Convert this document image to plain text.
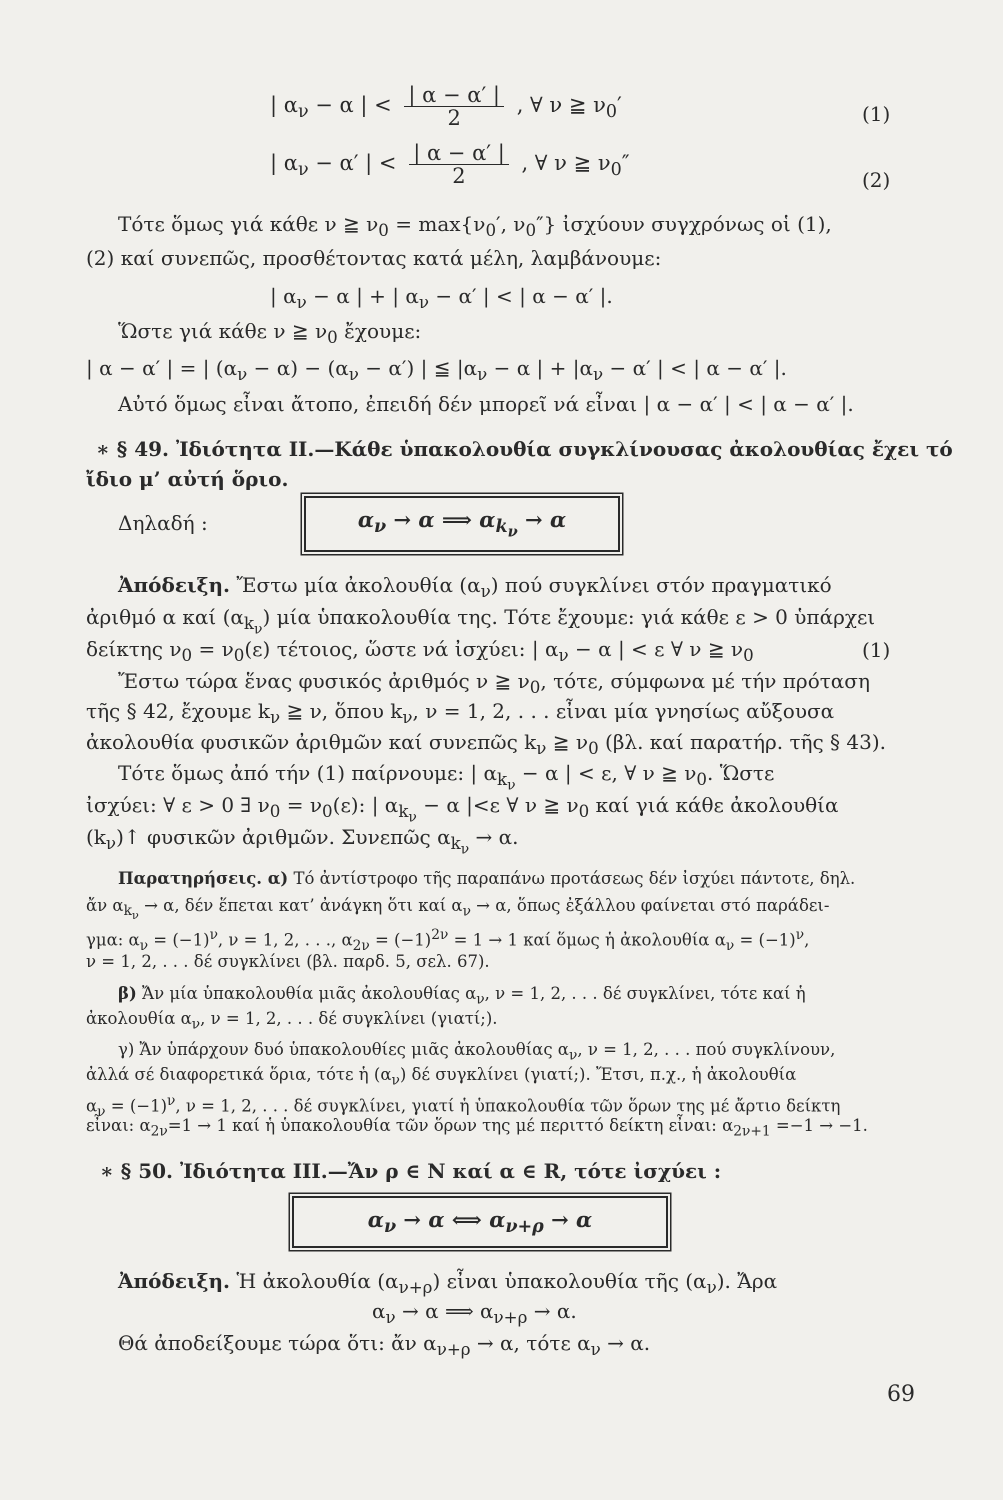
| $\alpha_\nu - \alpha$ | < $\frac{| \alpha - \alpha' |}{2}$ , ∀ ν ≧ $\nu_0'$	(1)
| $\alpha_\nu - \alpha'$ | < $\frac{| \alpha - \alpha' |}{2}$ , ∀ ν ≧ $\nu_0''$
(2)
Τότε ὅμως γιά κάθε ν ≧ $\nu_0 = \max\{\nu_0'$, $\nu_0''$} ἰσχύουν συγχρόνως οἱ (1),
(2) καί συνεπῶς, προσθέτοντας κατά μέλη, λαμβάνουμε:
| $\alpha_\nu - \alpha$ | + | $\alpha_\nu - \alpha'$ | < | α − α′ |.
Ὥστε γιά κάθε ν ≧ $\nu_0$ ἔχουμε:
| α − α′ | = | $(\alpha_\nu - \alpha) - (\alpha_\nu - \alpha')$ | ≦ $|\alpha_\nu - \alpha$ | + $|\alpha_\nu - \alpha'$ | < | α − α′ |.
Αὐτό ὅμως εἶναι ἄτοπο, ἐπειδή δέν μπορεῖ νά εἶναι | α − α′ | < | α − α′ |.
∗ § 49. Ἰδιότητα ΙΙ.—Κάθε ὑπακολουθία συγκλίνουσας ἀκολουθίας ἔχει τό
ἴδιο μ’ αὐτή ὅριο.
Δηλαδή :	$\alpha_\nu \to \alpha$ ⟹ $\alpha_{k_\nu} \to \alpha$
Ἀπόδειξη. Ἔστω μία ἀκολουθία $(\alpha_\nu)$ πού συγκλίνει στόν πραγματικό
ἀριθμό α καί $(\alpha_{k_\nu})$ μία ὑπακολουθία της. Τότε ἔχουμε: γιά κάθε ε > 0 ὑπάρχει
δείκτης $\nu_0 = \nu_0(\varepsilon)$ τέτοιος, ὥστε νά ἰσχύει: | $\alpha_\nu - \alpha$ | < ε ∀ ν ≧ $\nu_0$	(1)
Ἔστω τώρα ἕνας φυσικός ἀριθμός ν ≧ $\nu_0$, τότε, σύμφωνα μέ τήν πρόταση
τῆς § 42, ἔχουμε $k_\nu$ ≧ ν, ὅπου $k_\nu$, ν = 1, 2, . . . εἶναι μία γνησίως αὔξουσα
ἀκολουθία φυσικῶν ἀριθμῶν καί συνεπῶς $k_\nu$ ≧ $\nu_0$ (βλ. καί παρατήρ. τῆς § 43).
Τότε ὅμως ἀπό τήν (1) παίρνουμε: | $\alpha_{k_\nu} - \alpha$ | < ε, ∀ ν ≧ $\nu_0$. Ὥστε
ἰσχύει: ∀ ε > 0 ∃ $\nu_0 = \nu_0(\varepsilon)$: | $\alpha_{k_\nu} - \alpha$ |<ε ∀ ν ≧ $\nu_0$ καί γιά κάθε ἀκολουθία
$(k_\nu)↑$ φυσικῶν ἀριθμῶν. Συνεπῶς $\alpha_{k_\nu} \to \alpha$.
Παρατηρήσεις. α) Τό ἀντίστροφο τῆς παραπάνω προτάσεως δέν ἰσχύει πάντοτε, δηλ.
ἄν $\alpha_{k_\nu} \to \alpha$, δέν ἕπεται κατ’ ἀνάγκη ὅτι καί $\alpha_\nu \to \alpha$, ὅπως ἐξάλλου φαίνεται στό παράδει-
γμα: $\alpha_\nu = (-1)^\nu$, ν = 1, 2, . . ., $\alpha_{2\nu} = (-1)^{2\nu} = 1 \to 1$ καί ὅμως ἡ ἀκολουθία $\alpha_\nu = (-1)^\nu$,
ν = 1, 2, . . . δέ συγκλίνει (βλ. παρδ. 5, σελ. 67).
β) Ἄν μία ὑπακολουθία μιᾶς ἀκολουθίας $\alpha_\nu$, ν = 1, 2, . . . δέ συγκλίνει, τότε καί ἡ
ἀκολουθία $\alpha_\nu$, ν = 1, 2, . . . δέ συγκλίνει (γιατί;).
γ) Ἄν ὑπάρχουν δυό ὑπακολουθίες μιᾶς ἀκολουθίας $\alpha_\nu$, ν = 1, 2, . . . πού συγκλίνουν,
ἀλλά σέ διαφορετικά ὅρια, τότε ἡ $(\alpha_\nu)$ δέ συγκλίνει (γιατί;). Ἔτσι, π.χ., ἡ ἀκολουθία
$\alpha_\nu = (-1)^\nu$, ν = 1, 2, . . . δέ συγκλίνει, γιατί ἡ ὑπακολουθία τῶν ὅρων της μέ ἄρτιο δείκτη
εἶναι: $\alpha_{2\nu}=1 \to 1$ καί ἡ ὑπακολουθία τῶν ὅρων της μέ περιττό δείκτη εἶναι: $\alpha_{2\nu+1} =-1 \to -1$.
∗ § 50. Ἰδιότητα ΙΙΙ.—Ἄν ρ ∈ N καί α ∈ R, τότε ἰσχύει :
$\alpha_\nu \to \alpha$ ⟺ $\alpha_{\nu+\rho} \to \alpha$
Ἀπόδειξη. Ἡ ἀκολουθία $(\alpha_{\nu+\rho})$ εἶναι ὑπακολουθία τῆς $(\alpha_\nu)$. Ἄρα
$\alpha_\nu \to \alpha$ ⟹ $\alpha_{\nu+\rho} \to \alpha$.
Θά ἀποδείξουμε τώρα ὅτι: ἄν $\alpha_{\nu+\rho} \to \alpha$, τότε $\alpha_\nu \to \alpha$.
69
